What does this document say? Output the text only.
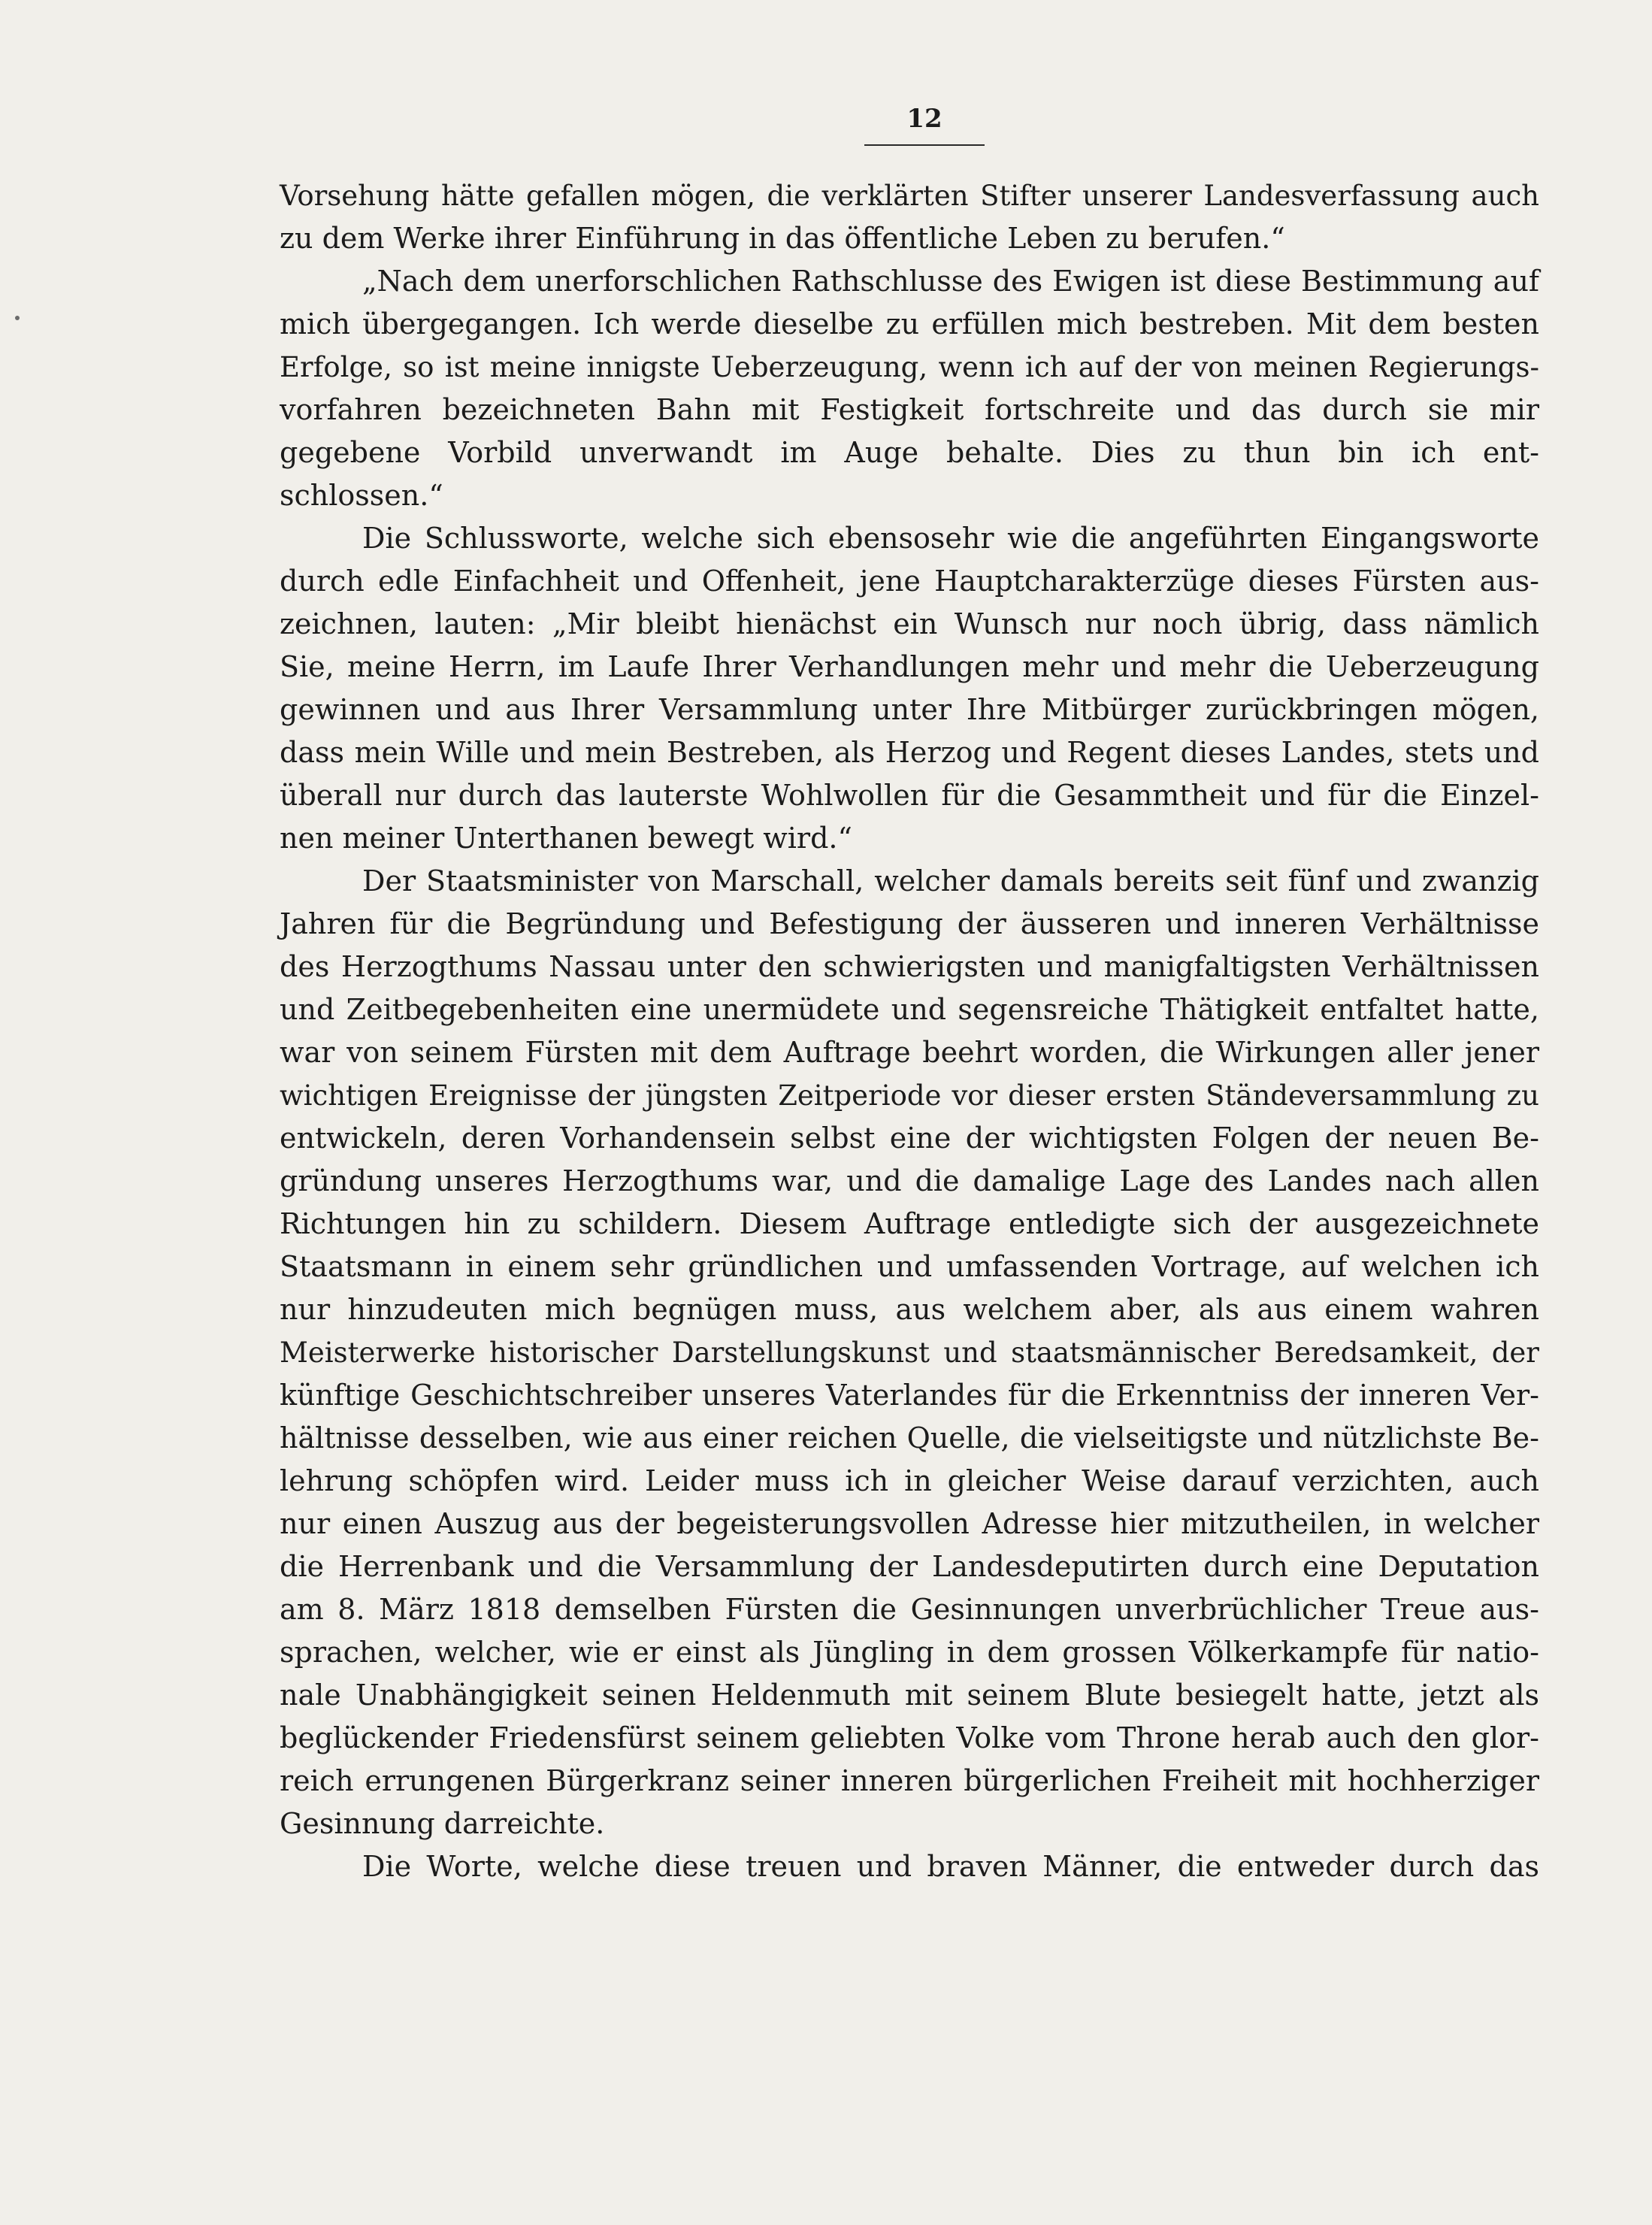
12
Vorsehung hätte gefallen mögen, die verklärten Stifter unserer Landesverfassung auch
zu dem Werke ihrer Einführung in das öffentliche Leben zu berufen.“
„Nach dem unerforschlichen Rathschlusse des Ewigen ist diese Bestimmung auf
mich übergegangen. Ich werde dieselbe zu erfüllen mich bestreben. Mit dem besten
Erfolge, so ist meine innigste Ueberzeugung, wenn ich auf der von meinen Regierungs-
vorfahren bezeichneten Bahn mit Festigkeit fortschreite und das durch sie mir
gegebene Vorbild unverwandt im Auge behalte. Dies zu thun bin ich ent-
schlossen.“
Die Schlussworte, welche sich ebensosehr wie die angeführten Eingangsworte
durch edle Einfachheit und Offenheit, jene Hauptcharakterzüge dieses Fürsten aus-
zeichnen, lauten: „Mir bleibt hienächst ein Wunsch nur noch übrig, dass nämlich
Sie, meine Herrn, im Laufe Ihrer Verhandlungen mehr und mehr die Ueberzeugung
gewinnen und aus Ihrer Versammlung unter Ihre Mitbürger zurückbringen mögen,
dass mein Wille und mein Bestreben, als Herzog und Regent dieses Landes, stets und
überall nur durch das lauterste Wohlwollen für die Gesammtheit und für die Einzel-
nen meiner Unterthanen bewegt wird.“
Der Staatsminister von Marschall, welcher damals bereits seit fünf und zwanzig
Jahren für die Begründung und Befestigung der äusseren und inneren Verhältnisse
des Herzogthums Nassau unter den schwierigsten und manigfaltigsten Verhältnissen
und Zeitbegebenheiten eine unermüdete und segensreiche Thätigkeit entfaltet hatte,
war von seinem Fürsten mit dem Auftrage beehrt worden, die Wirkungen aller jener
wichtigen Ereignisse der jüngsten Zeitperiode vor dieser ersten Ständeversammlung zu
entwickeln, deren Vorhandensein selbst eine der wichtigsten Folgen der neuen Be-
gründung unseres Herzogthums war, und die damalige Lage des Landes nach allen
Richtungen hin zu schildern. Diesem Auftrage entledigte sich der ausgezeichnete
Staatsmann in einem sehr gründlichen und umfassenden Vortrage, auf welchen ich
nur hinzudeuten mich begnügen muss, aus welchem aber, als aus einem wahren
Meisterwerke historischer Darstellungskunst und staatsmännischer Beredsamkeit, der
künftige Geschichtschreiber unseres Vaterlandes für die Erkenntniss der inneren Ver-
hältnisse desselben, wie aus einer reichen Quelle, die vielseitigste und nützlichste Be-
lehrung schöpfen wird. Leider muss ich in gleicher Weise darauf verzichten, auch
nur einen Auszug aus der begeisterungsvollen Adresse hier mitzutheilen, in welcher
die Herrenbank und die Versammlung der Landesdeputirten durch eine Deputation
am 8. März 1818 demselben Fürsten die Gesinnungen unverbrüchlicher Treue aus-
sprachen, welcher, wie er einst als Jüngling in dem grossen Völkerkampfe für natio-
nale Unabhängigkeit seinen Heldenmuth mit seinem Blute besiegelt hatte, jetzt als
beglückender Friedensfürst seinem geliebten Volke vom Throne herab auch den glor-
reich errungenen Bürgerkranz seiner inneren bürgerlichen Freiheit mit hochherziger
Gesinnung darreichte.
Die Worte, welche diese treuen und braven Männer, die entweder durch das
